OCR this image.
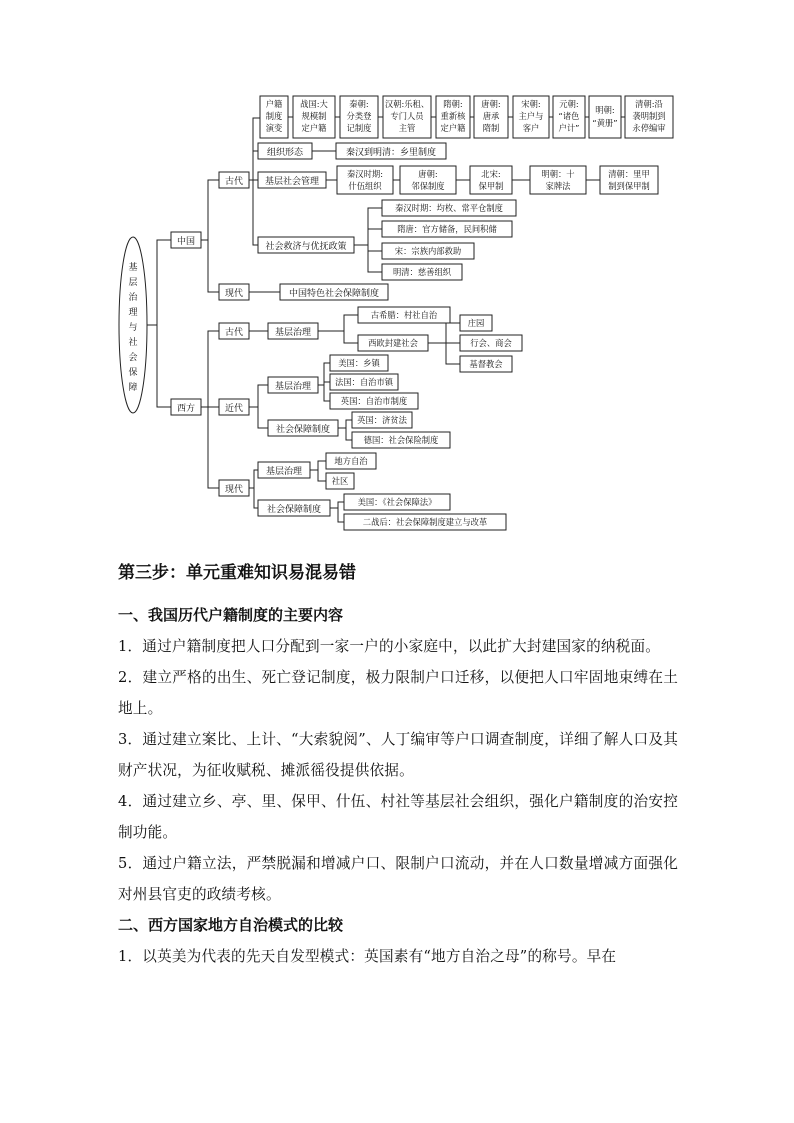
基层治理与社会保障
中国
古代
户籍制度演变
战国:大规模制定户籍
秦朝:分类登记制度
汉朝:乐租、专门人员主管
隋朝:重新核定户籍
唐朝:唐承隋制
宋朝:主户与客户
元朝: “诸色户计”
明朝: “黄册”
清朝:沿袭明制到永停编审
组织形态	秦汉到明清：乡里制度
基层社会管理
秦汉时期:什伍组织
唐朝:邻保制度
北宋:保甲制
明朝：十家牌法
清朝：里甲制到保甲制
社会救济与优抚政策
秦汉时期：均枚、常平仓制度
隋唐：官方储备，民间积储
宋：宗族内部救助
明清：慈善组织
现代	中国特色社会保障制度
西方
古代	基层治理
古希腊：村社自治
西欧封建社会
庄园
行会、商会
基督教会
近代
基层治理
美国：乡镇
法国：自治市镇
英国：自治市制度
社会保障制度
英国：济贫法
德国：社会保险制度
现代
基层治理
地方自治
社区
社会保障制度
美国：《社会保障法》
二战后：社会保障制度建立与改革

第三步：单元重难知识易混易错

一、我国历代户籍制度的主要内容

1．通过户籍制度把人口分配到一家一户的小家庭中，以此扩大封建国家的纳税面。

2．建立严格的出生、死亡登记制度，极力限制户口迁移，以便把人口牢固地束缚在土地上。

3．通过建立案比、上计、“大索貌阅”、人丁编审等户口调查制度，详细了解人口及其财产状况，为征收赋税、摊派徭役提供依据。

4．通过建立乡、亭、里、保甲、什伍、村社等基层社会组织，强化户籍制度的治安控制功能。

5．通过户籍立法，严禁脱漏和增减户口、限制户口流动，并在人口数量增减方面强化对州县官吏的政绩考核。

二、西方国家地方自治模式的比较

1．以英美为代表的先天自发型模式：英国素有“地方自治之母”的称号。早在
